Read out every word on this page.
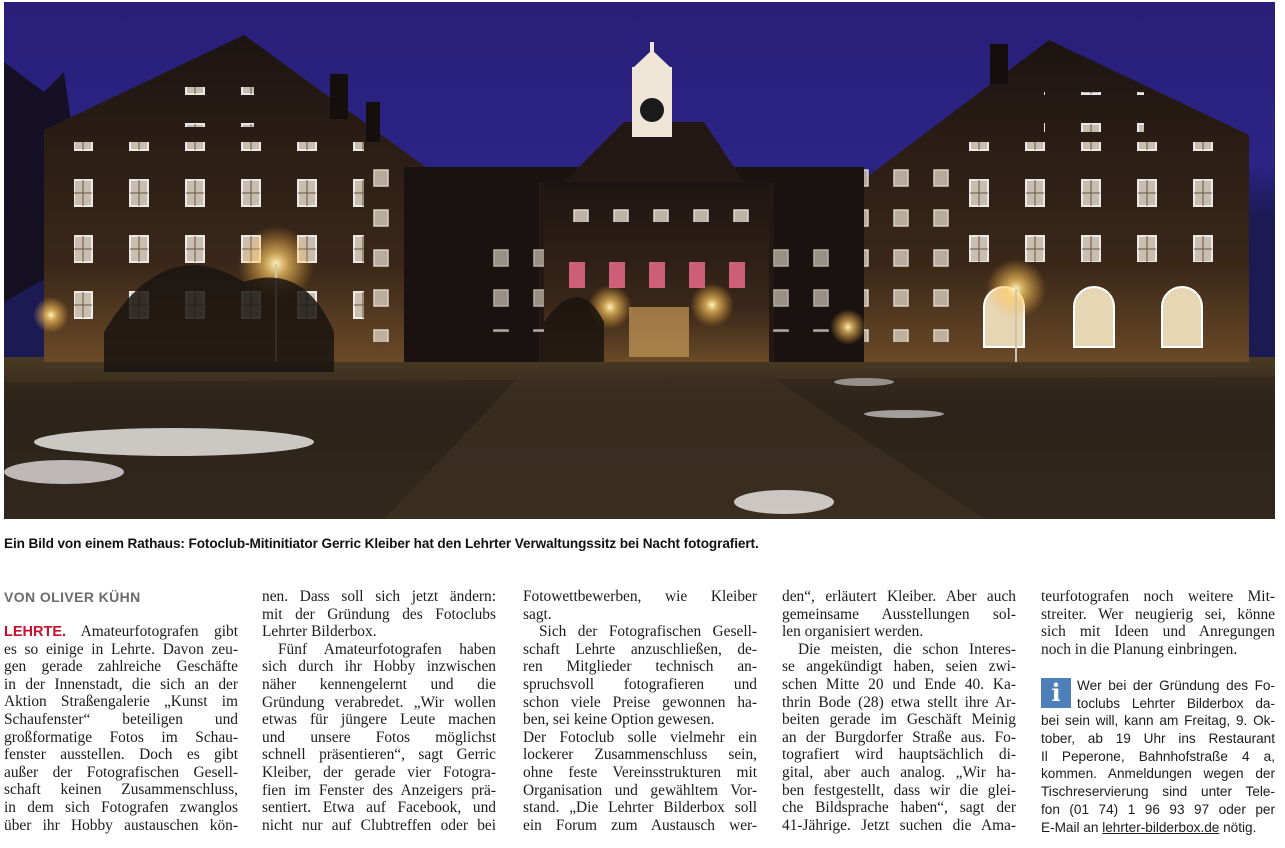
Ein Bild von einem Rathaus: Fotoclub-Mitinitiator Gerric Kleiber hat den Lehrter Verwaltungssitz bei Nacht fotografiert.
VON OLIVER KÜHN
LEHRTE. Amateurfotografen gibt
es so einige in Lehrte. Davon zeu-
gen gerade zahlreiche Geschäfte
in der Innenstadt, die sich an der
Aktion Straßengalerie „Kunst im
Schaufenster“ beteiligen und
großformatige Fotos im Schau-
fenster ausstellen. Doch es gibt
außer der Fotografischen Gesell-
schaft keinen Zusammenschluss,
in dem sich Fotografen zwanglos
über ihr Hobby austauschen kön-
nen. Dass soll sich jetzt ändern:
mit der Gründung des Fotoclubs
Lehrter Bilderbox.
Fünf Amateurfotografen haben
sich durch ihr Hobby inzwischen
näher kennengelernt und die
Gründung verabredet. „Wir wollen
etwas für jüngere Leute machen
und unsere Fotos möglichst
schnell präsentieren“, sagt Gerric
Kleiber, der gerade vier Fotogra-
fien im Fenster des Anzeigers prä-
sentiert. Etwa auf Facebook, und
nicht nur auf Clubtreffen oder bei
Fotowettbewerben, wie Kleiber
sagt.
Sich der Fotografischen Gesell-
schaft Lehrte anzuschließen, de-
ren Mitglieder technisch an-
spruchsvoll fotografieren und
schon viele Preise gewonnen ha-
ben, sei keine Option gewesen.
Der Fotoclub solle vielmehr ein
lockerer Zusammenschluss sein,
ohne feste Vereinsstrukturen mit
Organisation und gewähltem Vor-
stand. „Die Lehrter Bilderbox soll
ein Forum zum Austausch wer-
den“, erläutert Kleiber. Aber auch
gemeinsame Ausstellungen sol-
len organisiert werden.
Die meisten, die schon Interes-
se angekündigt haben, seien zwi-
schen Mitte 20 und Ende 40. Ka-
thrin Bode (28) etwa stellt ihre Ar-
beiten gerade im Geschäft Meinig
an der Burgdorfer Straße aus. Fo-
tografiert wird hauptsächlich di-
gital, aber auch analog. „Wir ha-
ben festgestellt, dass wir die glei-
che Bildsprache haben“, sagt der
41-Jährige. Jetzt suchen die Ama-
teurfotografen noch weitere Mit-
streiter. Wer neugierig sei, könne
sich mit Ideen und Anregungen
noch in die Planung einbringen.
i	Wer bei der Gründung des Fo-
toclubs Lehrter Bilderbox da-
bei sein will, kann am Freitag, 9. Ok-
tober, ab 19 Uhr ins Restaurant
Il Peperone, Bahnhofstraße 4 a,
kommen. Anmeldungen wegen der
Tischreservierung sind unter Tele-
fon (01 74) 1 96 93 97 oder per
E-Mail an lehrter-bilderbox.de nötig.
